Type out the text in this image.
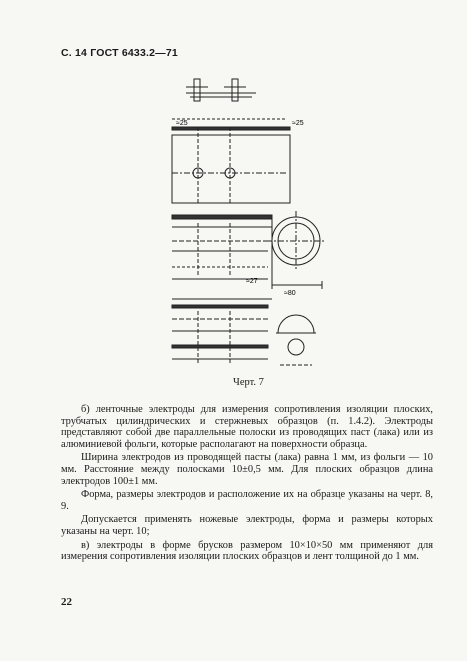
С. 14 ГОСТ 6433.2—71
≈25	≈25
≈27
≈80
Черт. 7

б) ленточные электроды для измерения сопротивления изоляции плоских, трубчатых цилиндрических и стержневых образцов (п. 1.4.2). Электроды представляют собой две параллельные полоски из проводящих паст (лака) или из алюминиевой фольги, которые располагают на поверхности образца.

Ширина электродов из проводящей пасты (лака) равна 1 мм, из фольги — 10 мм. Расстояние между полосками 10±0,5 мм. Для плоских образцов длина электродов 100±1 мм.

Форма, размеры электродов и расположение их на образце указаны на черт. 8, 9.

Допускается применять ножевые электроды, форма и размеры которых указаны на черт. 10;

в) электроды в форме брусков размером 10×10×50 мм применяют для измерения сопротивления изоляции плоских образцов и лент толщиной до 1 мм.

22
